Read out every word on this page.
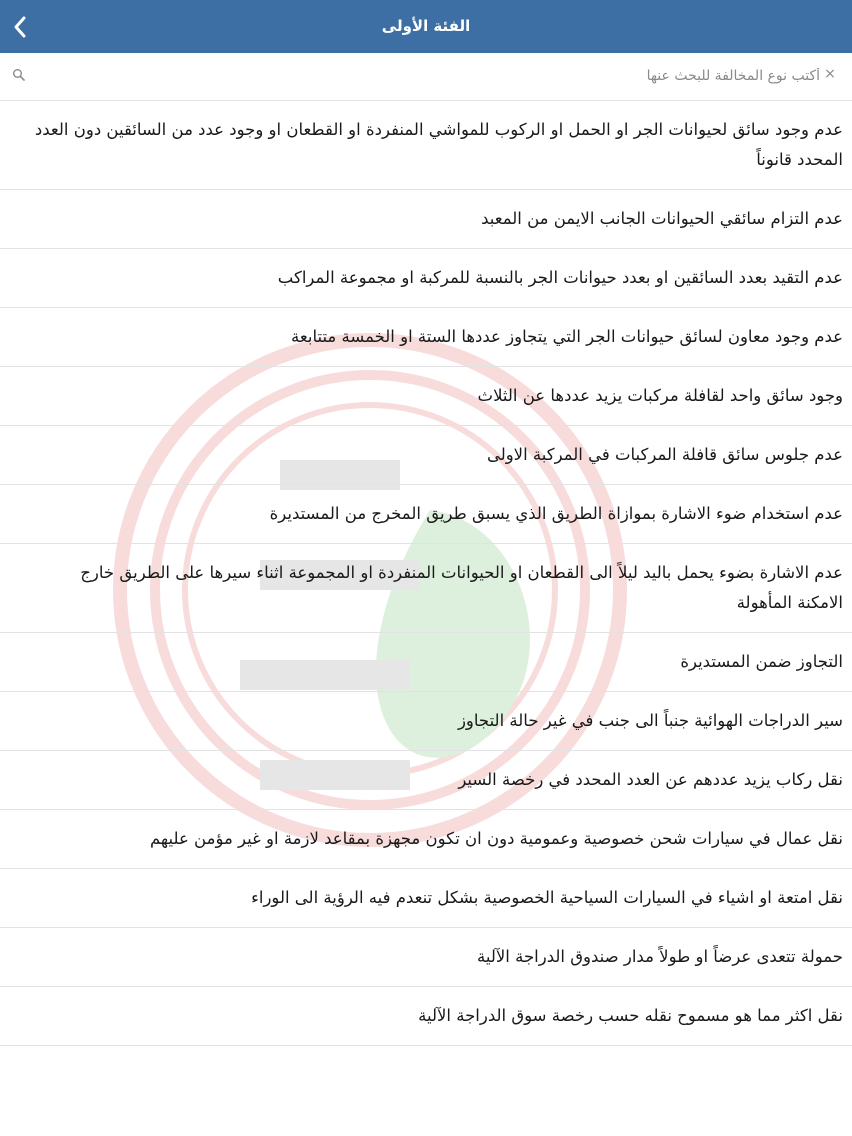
الفئة الأولى
أكتب نوع المخالفة للبحث عنها
×
عدم وجود سائق لحيوانات الجر او الحمل او الركوب للمواشي المنفردة او القطعان او وجود عدد من السائقين دون العدد المحدد قانوناً
عدم التزام سائقي الحيوانات الجانب الايمن من المعبد
عدم التقيد بعدد السائقين او بعدد حيوانات الجر بالنسبة للمركبة او مجموعة المراكب
عدم وجود معاون لسائق حيوانات الجر التي يتجاوز عددها الستة او الخمسة متتابعة
وجود سائق واحد لقافلة مركبات يزيد عددها عن الثلاث
عدم جلوس سائق قافلة المركبات في المركبة الاولى
عدم استخدام ضوء الاشارة بموازاة الطريق الذي يسبق طريق المخرج من المستديرة
عدم الاشارة بضوء يحمل باليد ليلاً الى القطعان او الحيوانات المنفردة او المجموعة اثناء سيرها على الطريق خارج الامكنة المأهولة
التجاوز ضمن المستديرة
سير الدراجات الهوائية جنباً الى جنب في غير حالة التجاوز
نقل ركاب يزيد عددهم عن العدد المحدد في رخصة السير
نقل عمال في سيارات شحن خصوصية وعمومية دون ان تكون مجهزة بمقاعد لازمة او غير مؤمن عليهم
نقل امتعة او اشياء في السيارات السياحية الخصوصية بشكل تنعدم فيه الرؤية الى الوراء
حمولة تتعدى عرضاً او طولاً مدار صندوق الدراجة الآلية
نقل اكثر مما هو مسموح نقله حسب رخصة سوق الدراجة الآلية
